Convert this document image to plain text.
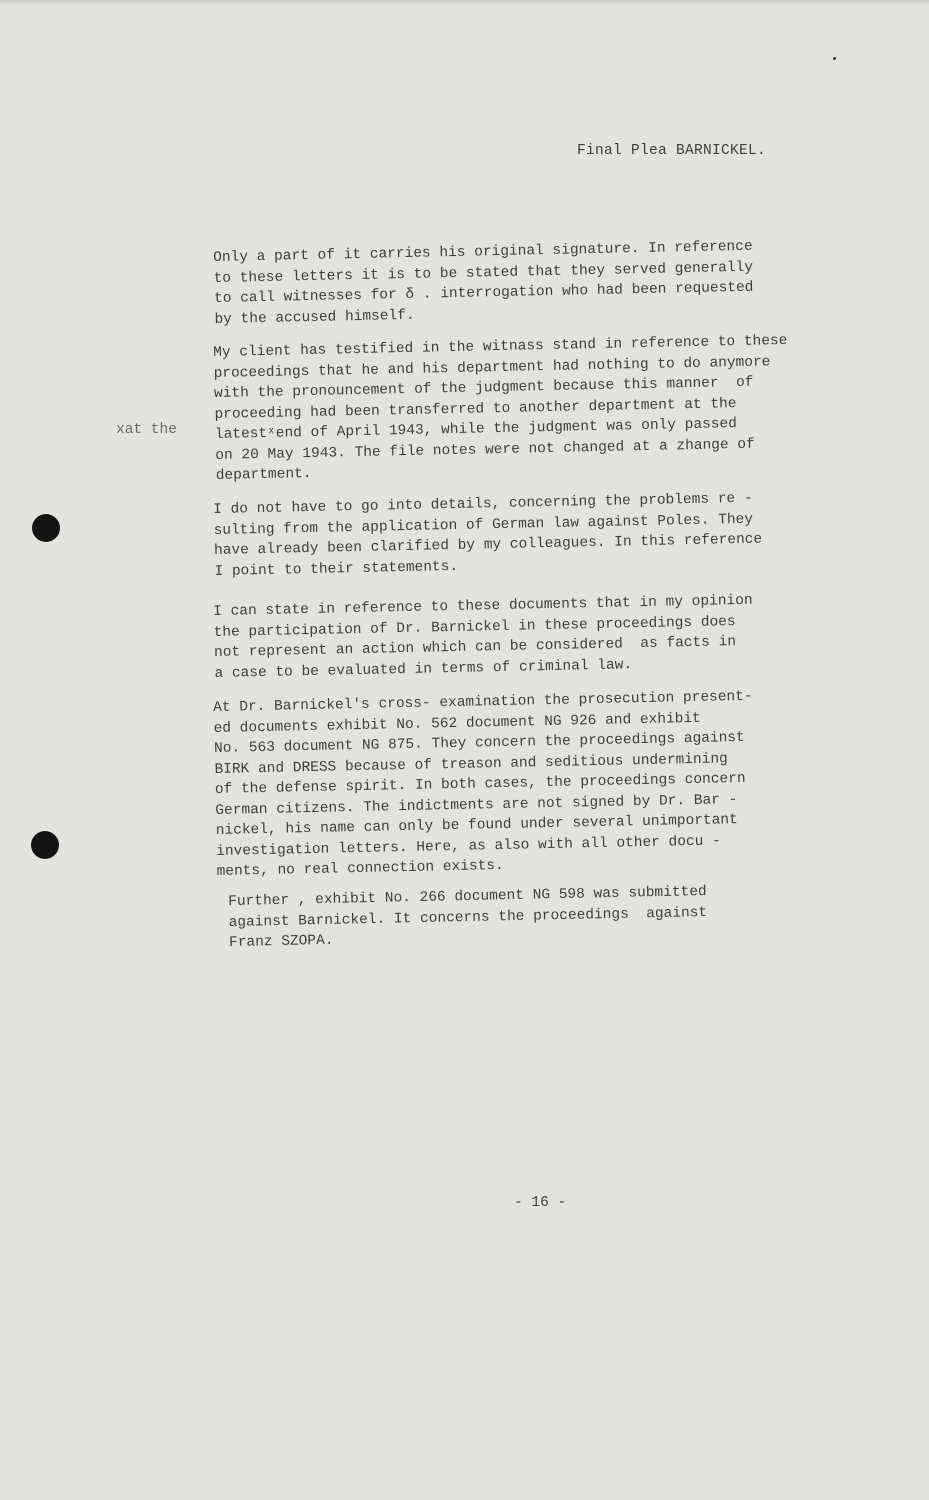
Final Plea BARNICKEL.
xat the
Only a part of it carries his original signature. In reference
to these letters it is to be stated that they served generally
to call witnesses for δ . interrogation who had been requested
by the accused himself.
My client has testified in the witnass stand in reference to these
proceedings that he and his department had nothing to do anymore
with the pronouncement of the judgment because this manner  of
proceeding had been transferred to another department at the
latestˣend of April 1943, while the judgment was only passed
on 20 May 1943. The file notes were not changed at a zhange of
department.
I do not have to go into details, concerning the problems re -
sulting from the application of German law against Poles. They
have already been clarified by my colleagues. In this reference
I point to their statements.
I can state in reference to these documents that in my opinion
the participation of Dr. Barnickel in these proceedings does
not represent an action which can be considered  as facts in
a case to be evaluated in terms of criminal law.
At Dr. Barnickel's cross- examination the prosecution present-
ed documents exhibit No. 562 document NG 926 and exhibit
No. 563 document NG 875. They concern the proceedings against
BIRK and DRESS because of treason and seditious undermining
of the defense spirit. In both cases, the proceedings concern
German citizens. The indictments are not signed by Dr. Bar -
nickel, his name can only be found under several unimportant
investigation letters. Here, as also with all other docu -
ments, no real connection exists.
Further , exhibit No. 266 document NG 598 was submitted
against Barnickel. It concerns the proceedings  against
Franz SZOPA.
- 16 -
